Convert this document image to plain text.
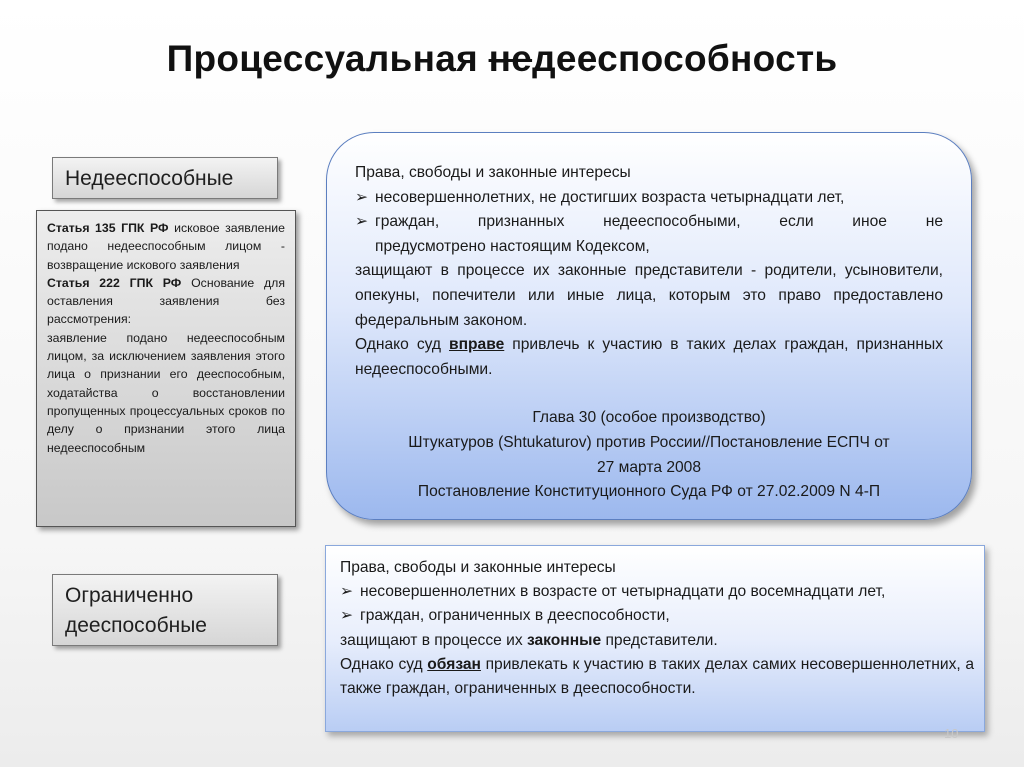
Процессуальная недееспособность
Недееспособные
Статья 135 ГПК РФ исковое заявление подано недееспособным лицом - возвращение искового заявления
Статья 222 ГПК РФ Основание для оставления заявления без рассмотрения:
заявление подано недееспособным лицом, за исключением заявления этого лица о признании его дееспособным, ходатайства о восстановлении пропущенных процессуальных сроков по делу о признании этого лица недееспособным
Права, свободы и законные интересы
➢ несовершеннолетних, не достигших возраста четырнадцати лет,
➢ граждан, признанных недееспособными, если иное не
предусмотрено настоящим Кодексом,
защищают в процессе их законные представители - родители, усыновители, опекуны, попечители или иные лица, которым это право предоставлено федеральным законом.
Однако суд вправе привлечь к участию в таких делах граждан, признанных недееспособными.
Глава 30 (особое производство)
Штукатуров (Shtukaturov) против России//Постановление ЕСПЧ от
27 марта 2008
Постановление Конституционного Суда РФ от 27.02.2009 N 4-П
Ограниченно
дееспособные
Права, свободы и законные интересы
➢ несовершеннолетних в возрасте от четырнадцати до восемнадцати лет,
➢ граждан, ограниченных в дееспособности,
защищают в процессе их законные представители.
Однако суд обязан привлекать к участию в таких делах самих несовершеннолетних, а также граждан, ограниченных в дееспособности.
10
